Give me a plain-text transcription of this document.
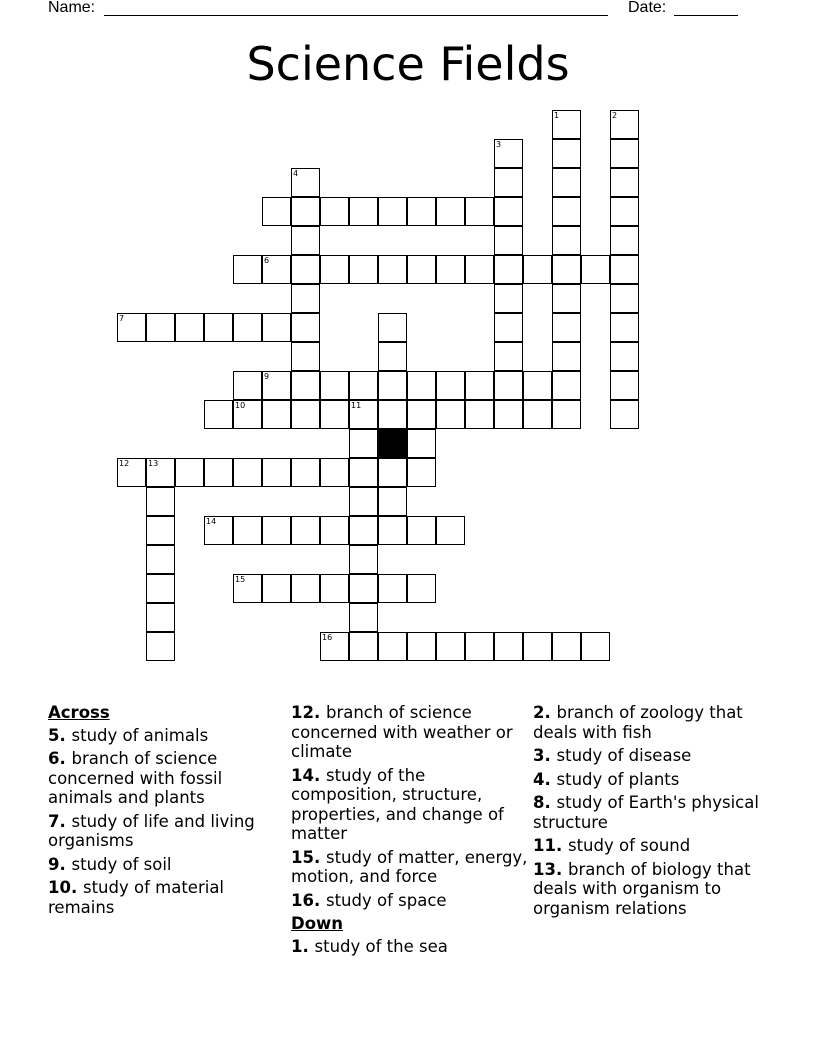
Name:	Date:
Science Fields
1	2
3
4
6
7
9
10	11
12 13
14
15
16
Across
5. study of animals
6. branch of science concerned with fossil animals and plants
7. study of life and living organisms
9. study of soil
10. study of material remains
12. branch of science concerned with weather or climate
14. study of the composition, structure, properties, and change of matter
15. study of matter, energy, motion, and force
16. study of space
Down
1. study of the sea
2. branch of zoology that deals with fish
3. study of disease
4. study of plants
8. study of Earth's physical structure
11. study of sound
13. branch of biology that deals with organism to organism relations
